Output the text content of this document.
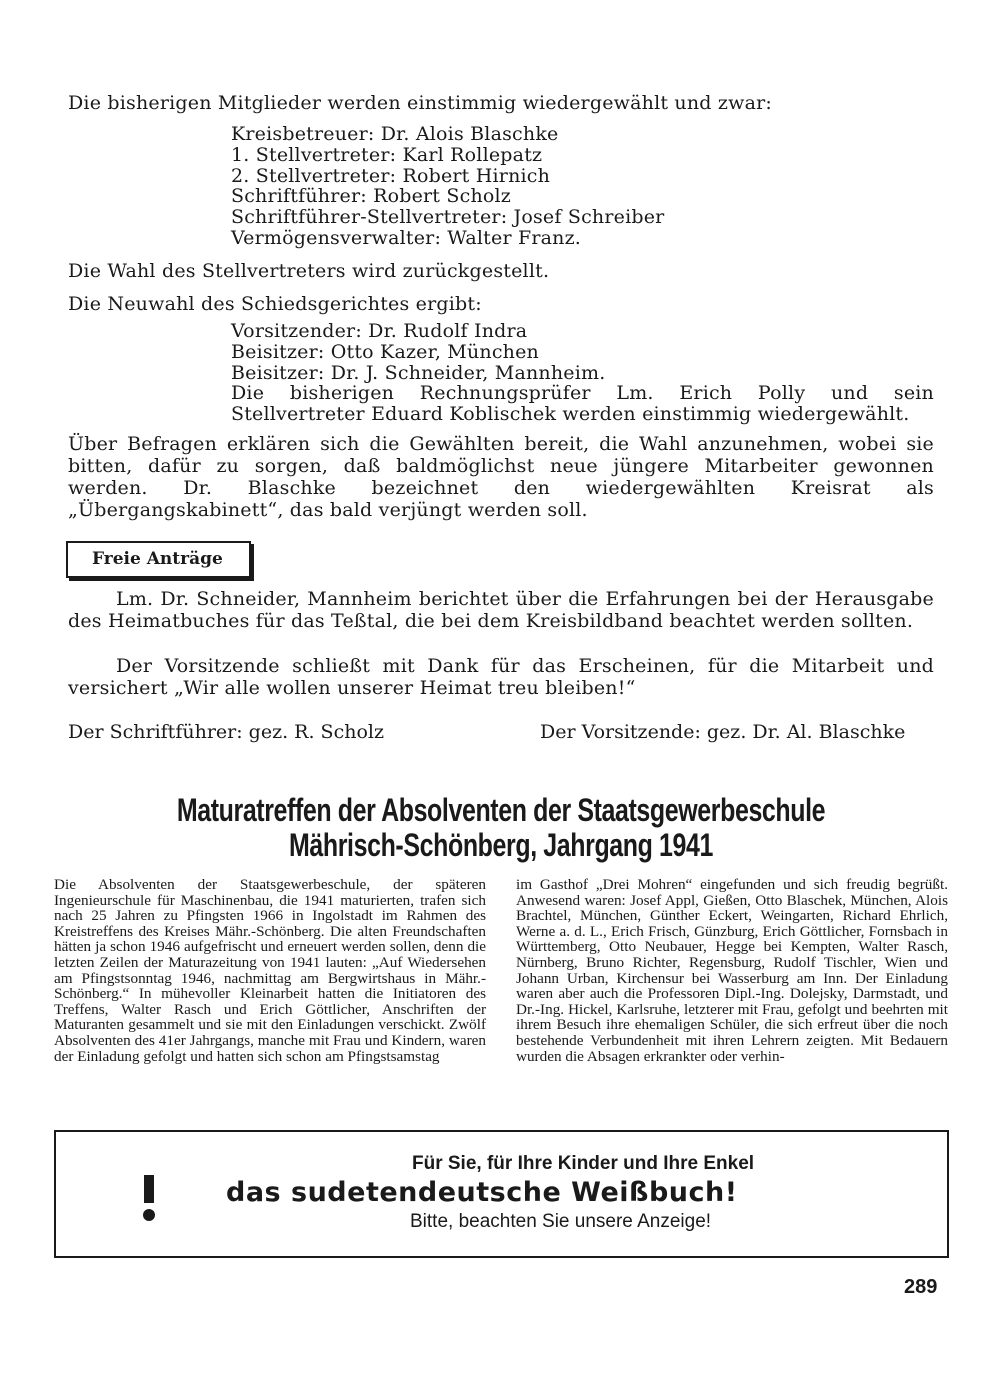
Die bisherigen Mitglieder werden einstimmig wiedergewählt und zwar:
Kreisbetreuer: Dr. Alois Blaschke
1. Stellvertreter: Karl Rollepatz
2. Stellvertreter: Robert Hirnich
Schriftführer: Robert Scholz
Schriftführer-Stellvertreter: Josef Schreiber
Vermögensverwalter: Walter Franz.
Die Wahl des Stellvertreters wird zurückgestellt.
Die Neuwahl des Schiedsgerichtes ergibt:
Vorsitzender: Dr. Rudolf Indra
Beisitzer: Otto Kazer, München
Beisitzer: Dr. J. Schneider, Mannheim.
Die bisherigen Rechnungsprüfer Lm. Erich Polly und sein Stellvertreter Eduard Koblischek werden einstimmig wiedergewählt.
Über Befragen erklären sich die Gewählten bereit, die Wahl anzunehmen, wobei sie bitten, dafür zu sorgen, daß baldmöglichst neue jüngere Mitarbeiter gewonnen werden. Dr. Blaschke bezeichnet den wiedergewählten Kreisrat als „Übergangskabinett“, das bald verjüngt werden soll.
Freie Anträge
Lm. Dr. Schneider, Mannheim berichtet über die Erfahrungen bei der Herausgabe des Heimatbuches für das Teßtal, die bei dem Kreisbildband beachtet werden sollten.
Der Vorsitzende schließt mit Dank für das Erscheinen, für die Mitarbeit und versichert „Wir alle wollen unserer Heimat treu bleiben!“
Der Schriftführer: gez. R. Scholz	Der Vorsitzende: gez. Dr. Al. Blaschke
Maturatreffen der Absolventen der Staatsgewerbeschule
Mährisch-Schönberg, Jahrgang 1941
Die Absolventen der Staatsgewerbeschule, der späteren Ingenieurschule für Maschinenbau, die 1941 maturierten, trafen sich nach 25 Jahren zu Pfingsten 1966 in Ingolstadt im Rahmen des Kreistreffens des Kreises Mähr.-Schönberg. Die alten Freundschaften hätten ja schon 1946 aufgefrischt und erneuert werden sollen, denn die letzten Zeilen der Maturazeitung von 1941 lauten: „Auf Wiedersehen am Pfingstsonntag 1946, nachmittag am Bergwirtshaus in Mähr.-Schönberg.“ In mühevoller Kleinarbeit hatten die Initiatoren des Treffens, Walter Rasch und Erich Göttlicher, Anschriften der Maturanten gesammelt und sie mit den Einladungen verschickt. Zwölf Absolventen des 41er Jahrgangs, manche mit Frau und Kindern, waren der Einladung gefolgt und hatten sich schon am Pfingstsamstag
im Gasthof „Drei Mohren“ eingefunden und sich freudig begrüßt. Anwesend waren: Josef Appl, Gießen, Otto Blaschek, München, Alois Brachtel, München, Günther Eckert, Weingarten, Richard Ehrlich, Werne a. d. L., Erich Frisch, Günzburg, Erich Göttlicher, Fornsbach in Württemberg, Otto Neubauer, Hegge bei Kempten, Walter Rasch, Nürnberg, Bruno Richter, Regensburg, Rudolf Tischler, Wien und Johann Urban, Kirchensur bei Wasserburg am Inn. Der Einladung waren aber auch die Professoren Dipl.-Ing. Dolejsky, Darmstadt, und Dr.-Ing. Hickel, Karlsruhe, letzterer mit Frau, gefolgt und beehrten mit ihrem Besuch ihre ehemaligen Schüler, die sich erfreut über die noch bestehende Verbundenheit mit ihren Lehrern zeigten. Mit Bedauern wurden die Absagen erkrankter oder verhin-
Für Sie, für Ihre Kinder und Ihre Enkel
das sudetendeutsche Weißbuch!
Bitte, beachten Sie unsere Anzeige!
289
